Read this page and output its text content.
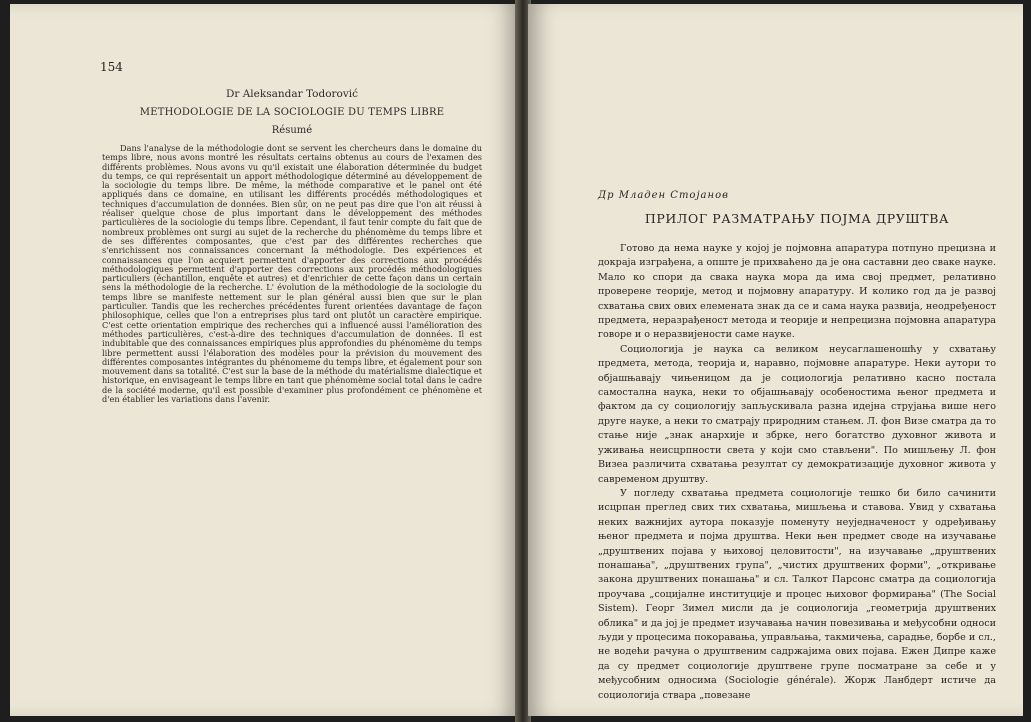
154
Dr Aleksandar Todorović
METHODOLOGIE DE LA SOCIOLOGIE DU TEMPS LIBRE
Résumé

Dans l'analyse de la méthodologie dont se servent les chercheurs dans le domaine du temps libre, nous avons montré les résultats certains obtenus au cours de l'examen des différents problèmes. Nous avons vu qu'il existait une élaboration déterminée du budget du temps, ce qui représentait un apport méthodologique déterminé au développement de la sociologie du temps libre. De même, la méthode comparative et le panel ont été appliqués dans ce domaine, en utilisant les différents procédés méthodologiques et techniques d'accumulation de données. Bien sûr, on ne peut pas dire que l'on ait réussi à réaliser quelque chose de plus important dans le développement des méthodes particulières de la sociologie du temps libre. Cependant, il faut tenir compte du fait que de nombreux problèmes ont surgi au sujet de la recherche du phénomème du temps libre et de ses différentes composantes, que c'est par des différentes recherches que s'enrichissent nos connaissances concernant la méthodologie. Des expériences et connaissances que l'on acquiert permettent d'apporter des corrections aux procédés méthodologiques permettent d'apporter des corrections aux procédés méthodologiques particuliers (échantillon, enquête et autres) et d'enrichier de cette façon dans un certain sens la méthodologie de la recherche. L' évolution de la méthodologie de la sociologie du temps libre se manifeste nettement sur le plan général aussi bien que sur le plan particulier. Tandis que les recherches précédentes furent orientées davantage de façon philosophique, celles que l'on a entreprises plus tard ont plutôt un caractère empirique. C'est cette orientation empirique des recherches qui a influencé aussi l'amélioration des méthodes particulières, c'est-à-dire des techniques d'accumulation de données. Il est indubitable que des connaissances empiriques plus approfondies du phénomème du temps libre permettent aussi l'élaboration des modèles pour la prévision du mouvement des différentes composantes intégrantes du phénomeme du temps libre, et également pour son mouvement dans sa totalité. C'est sur la base de la méthode du matérialisme dialectique et historique, en envisageant le temps libre en tant que phénomème social total dans le cadre de la société moderne, qu'il est possible d'examiner plus profondément ce phénomène et d'en établier les variations dans l'avenir.

Др Младен Стојанов
ПРИЛОГ РАЗМАТРАЊУ ПОЈМА ДРУШТВА

Готово да нема науке у којој је појмовна апаратура потпуно прецизна и докраја изграђена, а опште је прихваћено да је она саставни део сваке науке. Мало ко спори да свака наука мора да има свој предмет, релативно проверене теорије, метод и појмовну апаратуру. И колико год да је развој схватања свих ових елемената знак да се и сама наука развија, неодређеност предмета, неразрађеност метода и теорије и непрецизна појмовна апаратура говоре и о неразвијености саме науке.

Социологија је наука са великом неусаглашеношћу у схватању предмета, метода, теорија и, наравно, појмовне апаратуре. Неки аутори то објашњавају чињеницом да је социологија релативно касно постала самостална наука, неки то објашњавају особеностима њеног предмета и фактом да су социологију запљускивала разна идејна струјања више него друге науке, а неки то сматрају природним стањем. Л. фон Визе сматра да то стање није „знак анархије и збрке, него богатство духовног живота и уживања неисцрпности света у који смо стављени". По мишљењу Л. фон Визеа различита схватања резултат су демократизације духовног живота у савременом друштву.

У погледу схватања предмета социологије тешко би било сачинити исцрпан преглед свих тих схватања, мишљења и ставова. Увид у схватања неких важнијих аутора показује поменуту неуједначеност у одређивању њеног предмета и појма друштва. Неки њен предмет своде на изучавање „друштвених појава у њиховој целовитости", на изучавање „друштвених понашања", „друштвених група", „чистих друштвених форми", „откривање закона друштвених понашања" и сл. Талкот Парсонс сматра да социологија проучава „социјалне институције и процес њиховог формирања" (The Social Sistem). Георг Зимел мисли да је социологија „геометрија друштвених облика" и да јој је предмет изучавања начин повезивања и међусобни односи људи у процесима покоравања, управљања, такмичења, сарадње, борбе и сл., не водећи рачуна о друштвеним садржајима ових појава. Ежен Дипре каже да су предмет социологије друштвене групе посматране за себе и у међусобним односима (Sociologie générale). Жорж Ланбдерт истиче да социологија ствара „повезане
